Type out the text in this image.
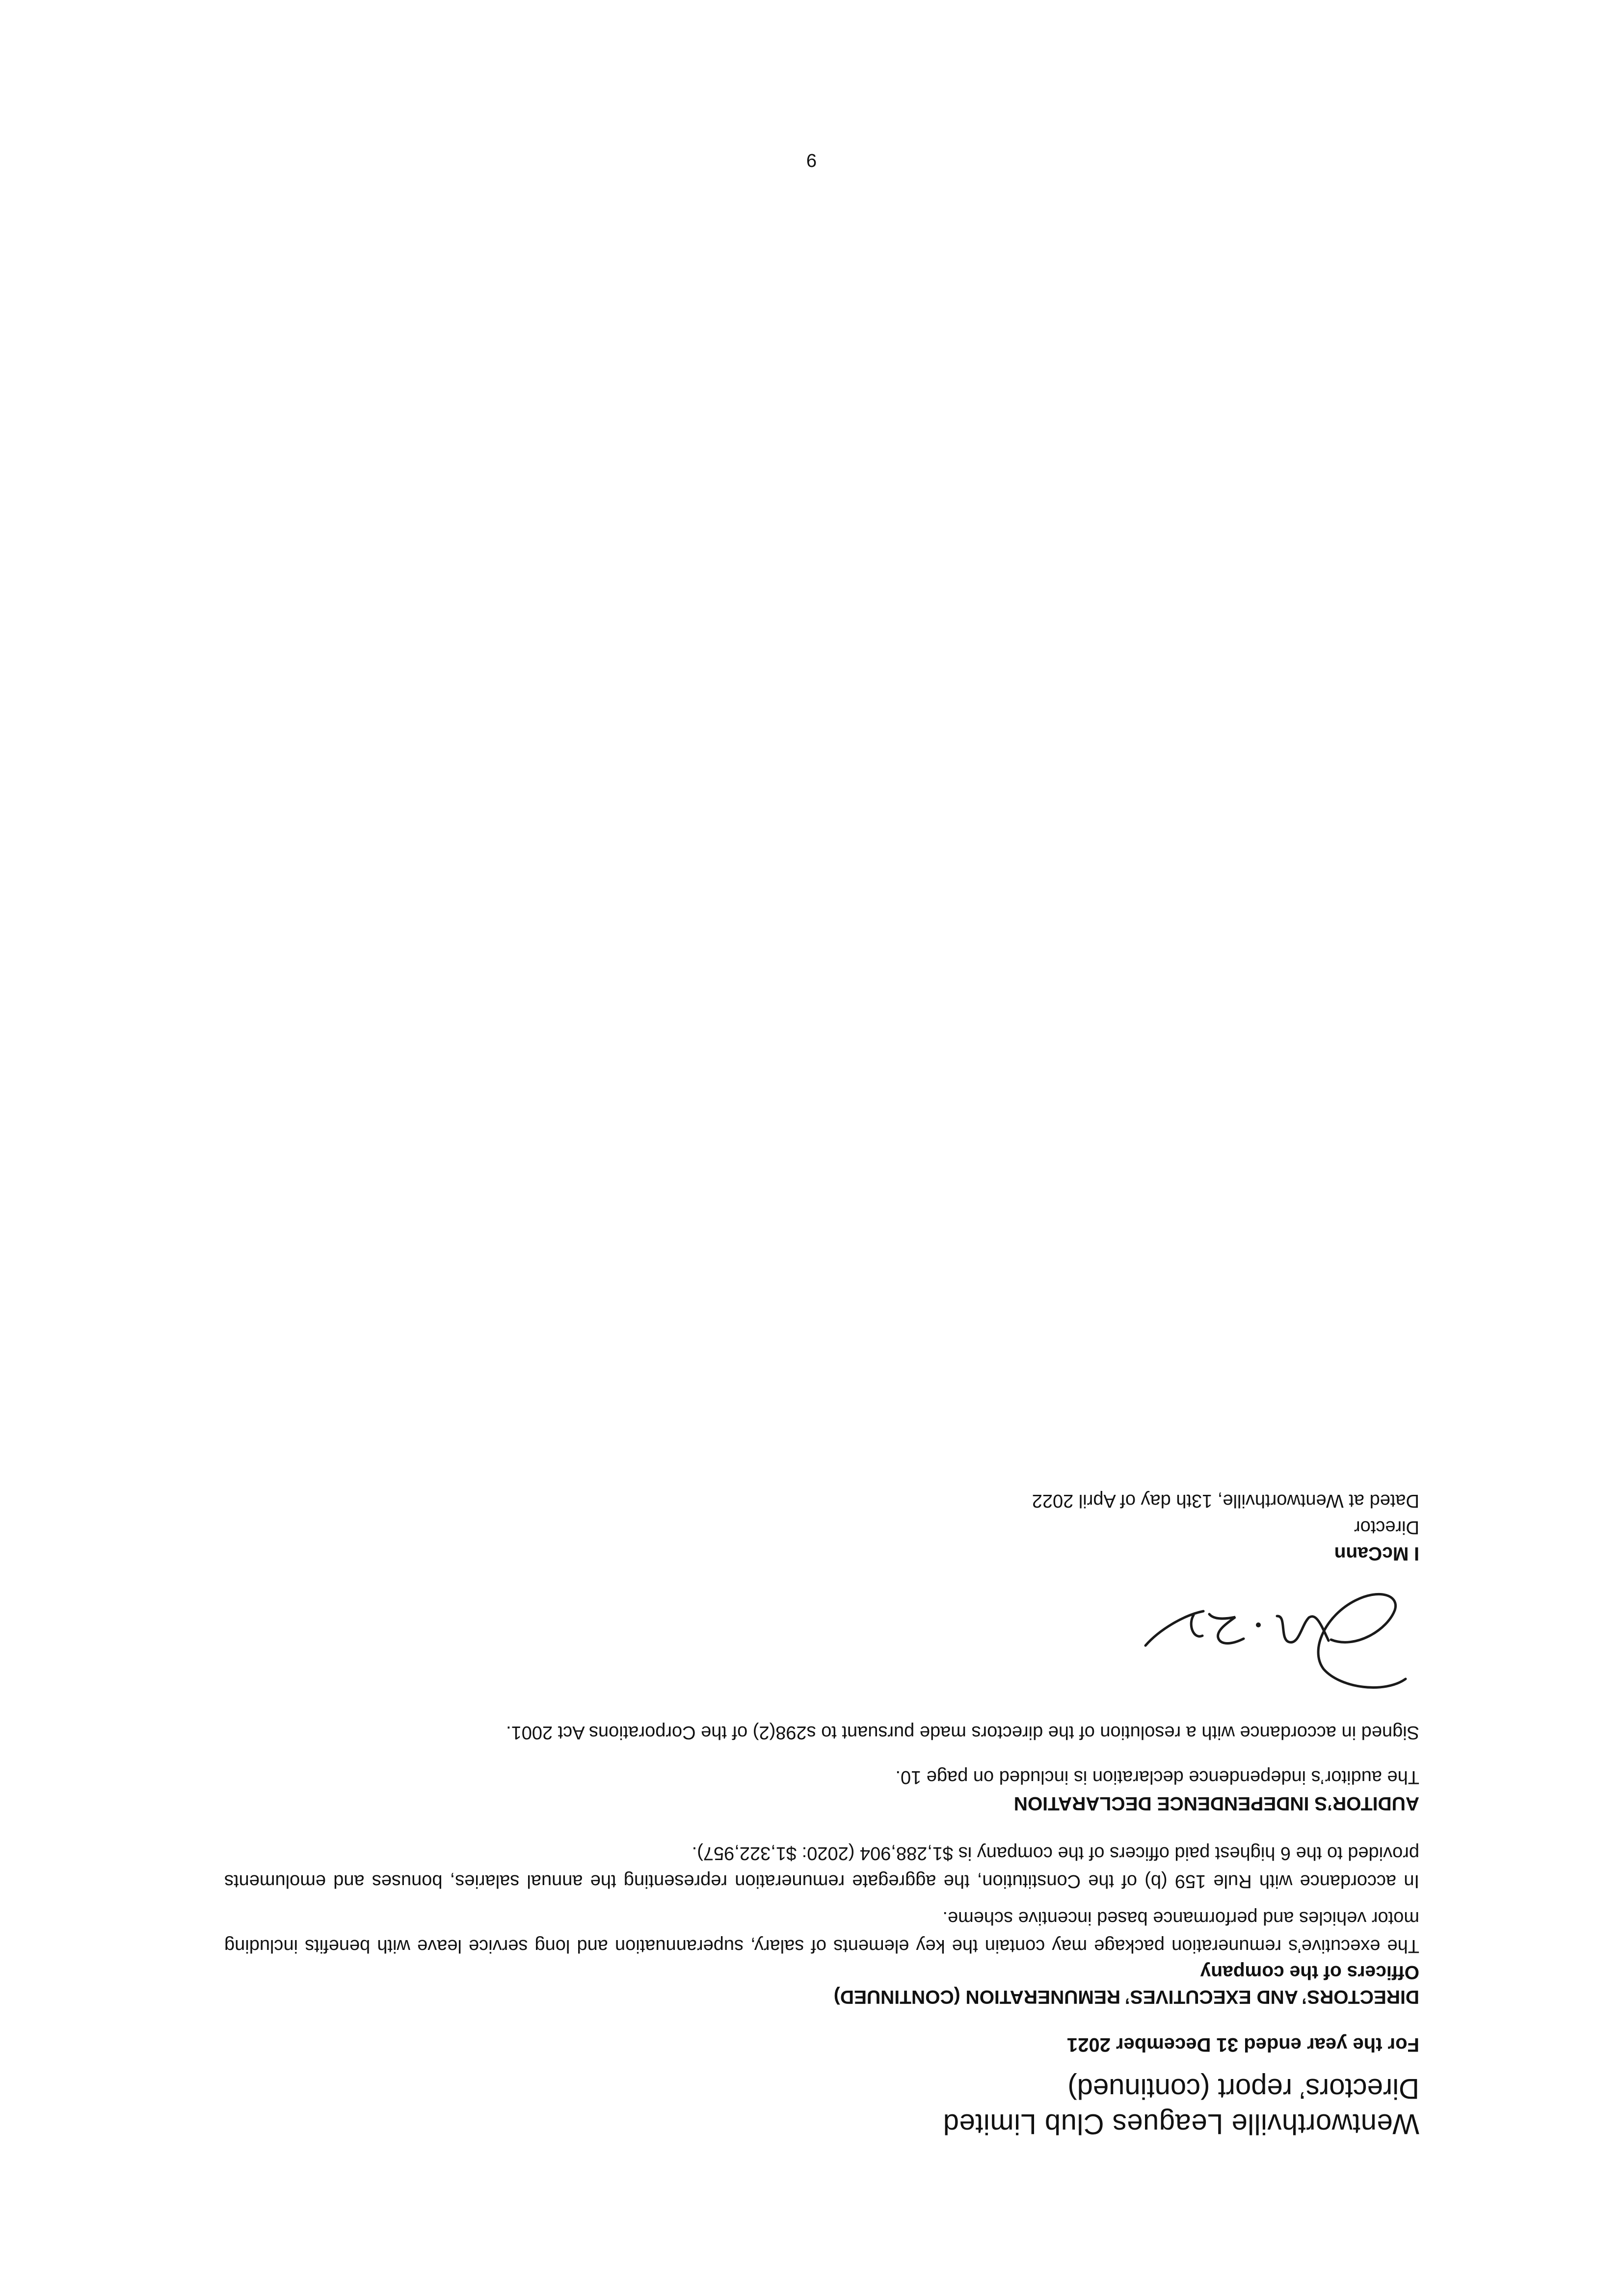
Wentworthville Leagues Club Limited
Directors’ report (continued)

For the year ended 31 December 2021

DIRECTORS’ AND EXECUTIVES’ REMUNERATION (CONTINUED)

Officers of the company

The executive’s remuneration package may contain the key elements of salary, superannuation and long service leave with benefits including motor vehicles and performance based incentive scheme.

In accordance with Rule 159 (b) of the Constitution, the aggregate remuneration representing the annual salaries, bonuses and emoluments provided to the 6 highest paid officers of the company is $1,288,904 (2020: $1,322,957).

AUDITOR’S INDEPENDENCE DECLARATION

The auditor’s independence declaration is included on page 10.

Signed in accordance with a resolution of the directors made pursuant to s298(2) of the Corporations Act 2001.

I McCann

Director

Dated at Wentworthville, 13th day of April 2022

9
